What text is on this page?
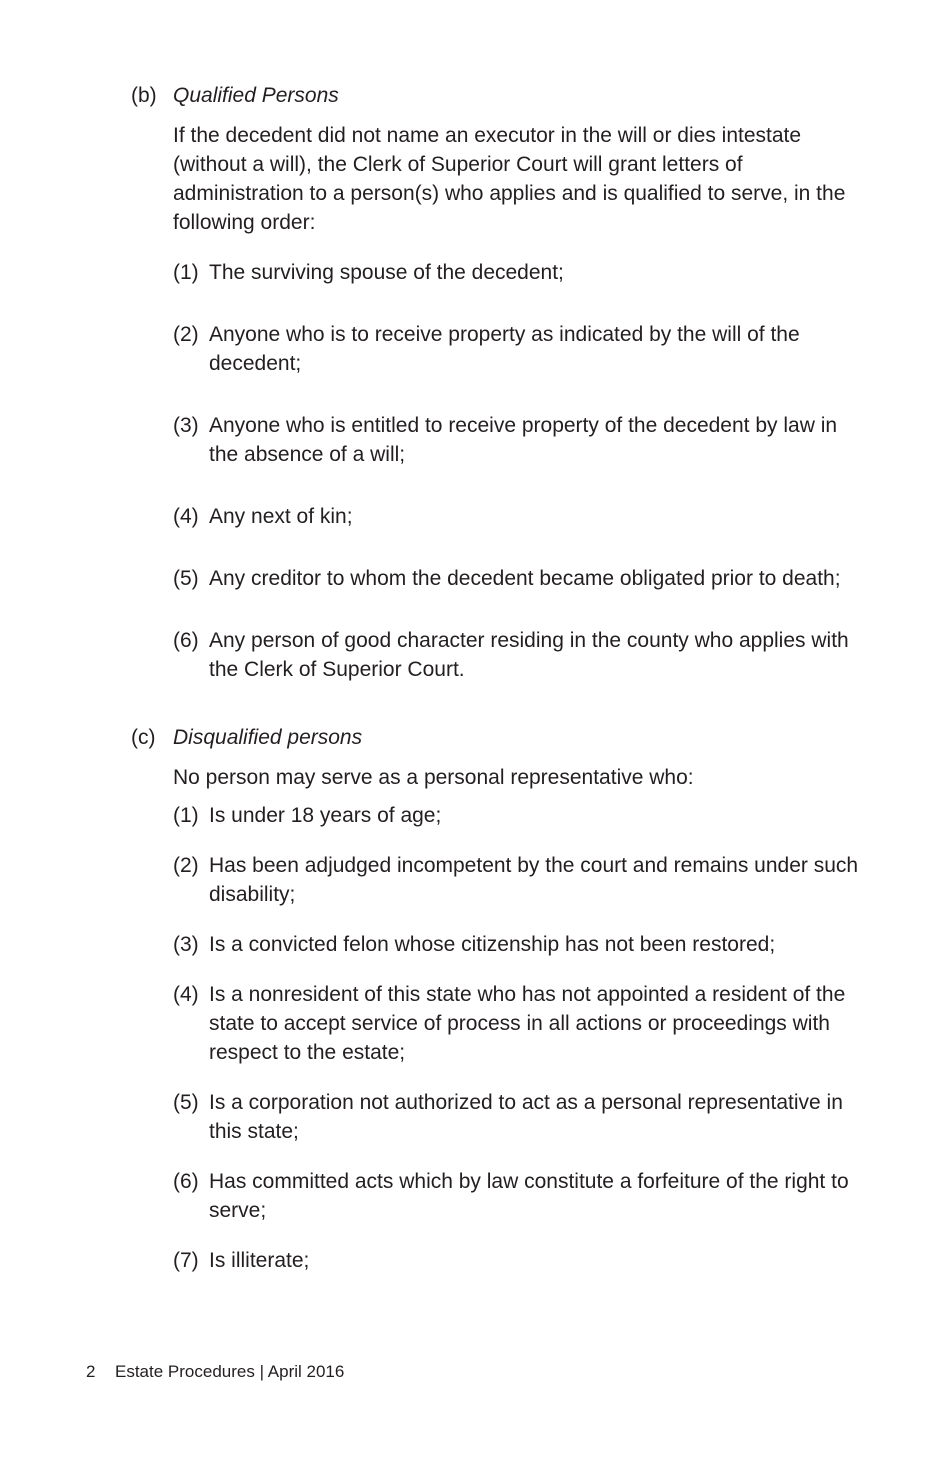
(b) Qualified Persons
If the decedent did not name an executor in the will or dies intestate (without a will), the Clerk of Superior Court will grant letters of administration to a person(s) who applies and is qualified to serve, in the following order:
(1) The surviving spouse of the decedent;
(2) Anyone who is to receive property as indicated by the will of the decedent;
(3) Anyone who is entitled to receive property of the decedent by law in the absence of a will;
(4) Any next of kin;
(5) Any creditor to whom the decedent became obligated prior to death;
(6) Any person of good character residing in the county who applies with the Clerk of Superior Court.
(c) Disqualified persons
No person may serve as a personal representative who:
(1) Is under 18 years of age;
(2) Has been adjudged incompetent by the court and remains under such disability;
(3) Is a convicted felon whose citizenship has not been restored;
(4) Is a nonresident of this state who has not appointed a resident of the state to accept service of process in all actions or proceedings with respect to the estate;
(5) Is a corporation not authorized to act as a personal representative in this state;
(6) Has committed acts which by law constitute a forfeiture of the right to serve;
(7) Is illiterate;
2	Estate Procedures | April 2016
